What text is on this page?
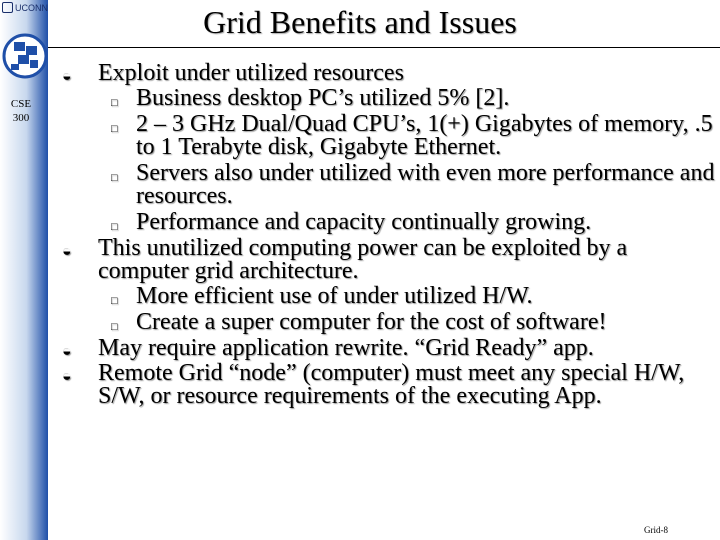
UCONN
CSE
300
Grid Benefits and Issues
◒ Exploit under utilized resources
□ Business desktop PC’s utilized 5% [2].
□ 2 – 3 GHz Dual/Quad CPU’s, 1(+) Gigabytes of memory, .5 to 1 Terabyte disk, Gigabyte Ethernet.
□ Servers also under utilized with even more performance and resources.
□ Performance and capacity continually growing.
◒ This unutilized computing power can be exploited by a computer grid architecture.
□ More efficient use of under utilized H/W.
□ Create a super computer for the cost of software!
◒ May require application rewrite. “Grid Ready” app.
◒ Remote Grid “node” (computer) must meet any special H/W, S/W, or resource requirements of the executing App.
Grid-8
